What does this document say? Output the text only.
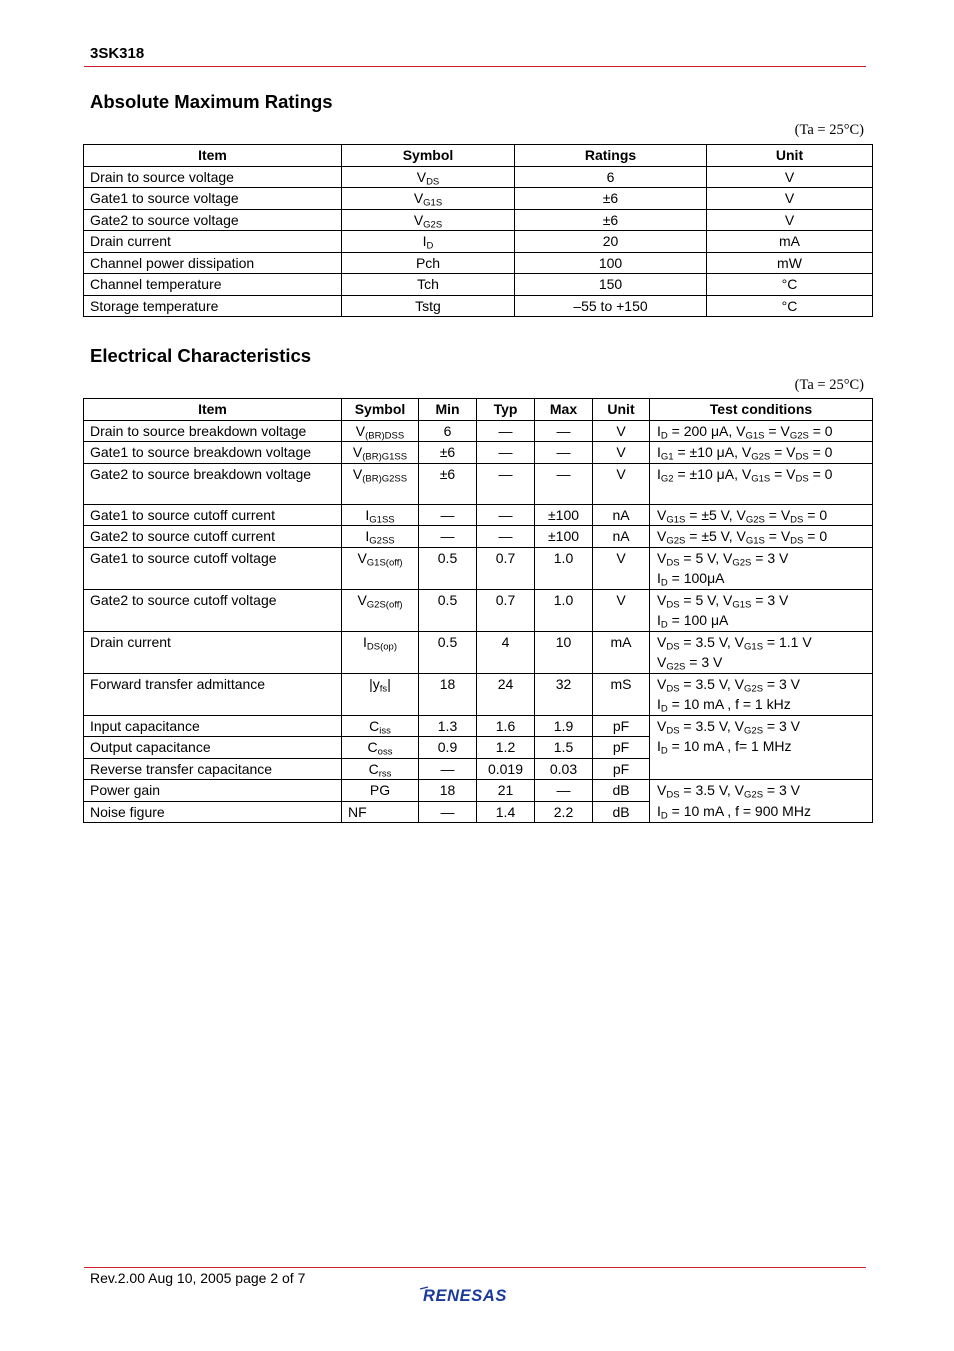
3SK318
Absolute Maximum Ratings
(Ta = 25°C)
Item	Symbol	Ratings	Unit
Drain to source voltage	$V_{DS}$	6	V
Gate1 to source voltage	$V_{G1S}$	±6	V
Gate2 to source voltage	$V_{G2S}$	±6	V
Drain current	$I_D$	20	mA
Channel power dissipation	Pch	100	mW
Channel temperature	Tch	150	°C
Storage temperature	Tstg	–55 to +150	°C
Electrical Characteristics
(Ta = 25°C)
Item	Symbol	Min	Typ	Max	Unit	Test conditions
Drain to source breakdown voltage	$V_{(BR)DSS}$	6	—	—	V	$I_D = 200$ μA, $V_{G1S} = V_{G2S} = 0$

Gate1 to source breakdown voltage	$V_{(BR)G1SS}$	±6	—	—	V	$I_{G1} = \pm 10$ μA, $V_{G2S} = V_{DS} = 0$

Gate2 to source breakdown voltage	$V_{(BR)G2SS}$	±6	—	—	V	$I_{G2} = \pm 10$ μA, $V_{G1S} = V_{DS} = 0$

Gate1 to source cutoff current	$I_{G1SS}$	—	—	±100	nA	$V_{G1S} = \pm 5$ V, $V_{G2S} = V_{DS} = 0$

Gate2 to source cutoff current	$I_{G2SS}$	—	—	±100	nA	$V_{G2S} = \pm 5$ V, $V_{G1S} = V_{DS} = 0$

Gate1 to source cutoff voltage	$V_{G1S(off)}$	0.5	0.7	1.0	V	$V_{DS} = 5$ V, $V_{G2S} = 3$ V
$I_D = 100\mu A$

Gate2 to source cutoff voltage	$V_{G2S(off)}$	0.5	0.7	1.0	V	$V_{DS} = 5$ V, $V_{G1S} = 3$ V
$I_D = 100$ μA

Drain current	$I_{DS(op)}$	0.5	4	10	mA	$V_{DS} = 3.5$ V, $V_{G1S} = 1.1$ V
$V_{G2S} = 3$ V

Forward transfer admittance	$|y_{fs}|$	18	24	32	mS	$V_{DS} = 3.5$ V, $V_{G2S} = 3$ V
$I_D = 10$ mA , f = 1 kHz

Input capacitance	$C_{iss}$	1.3	1.6	1.9	pF	$V_{DS} = 3.5$ V, $V_{G2S} = 3$ V
$I_D = 10$ mA , f= 1 MHz

Output capacitance	$C_{oss}$	0.9	1.2	1.5	pF	
Reverse transfer capacitance	$C_{rss}$	—	0.019	0.03	pF	
Power gain	PG	18	21	—	dB	$V_{DS} = 3.5$ V, $V_{G2S} = 3$ V
$I_D = 10$ mA , f = 900 MHz

Noise figure	NF	—	1.4	2.2	dB	
Rev.2.00 Aug 10, 2005 page 2 of 7
RENESAS
